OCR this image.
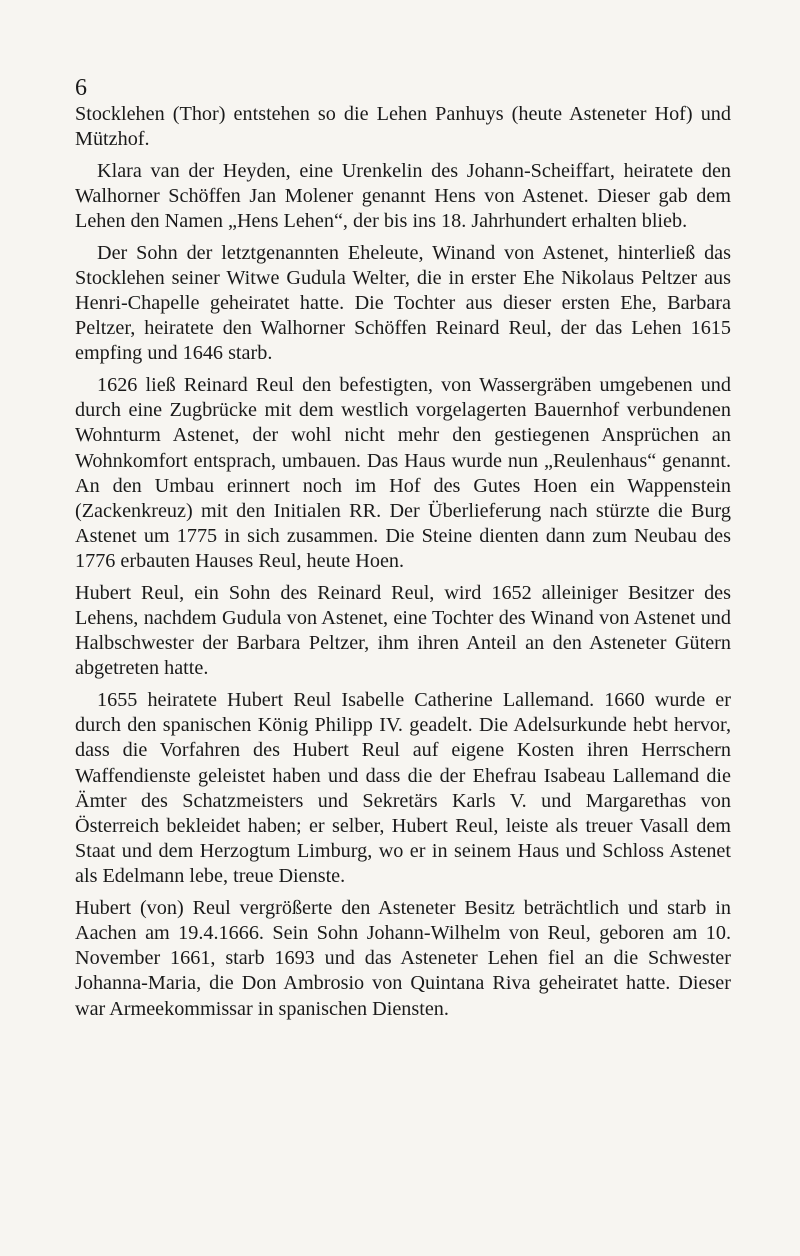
6

Stocklehen (Thor) entstehen so die Lehen Panhuys (heute Asteneter Hof) und Mützhof.

Klara van der Heyden, eine Urenkelin des Johann-Scheiffart, heiratete den Walhorner Schöffen Jan Molener genannt Hens von Astenet. Dieser gab dem Lehen den Namen „Hens Lehen“, der bis ins 18. Jahrhundert erhalten blieb.

Der Sohn der letztgenannten Eheleute, Winand von Astenet, hinterließ das Stocklehen seiner Witwe Gudula Welter, die in erster Ehe Nikolaus Peltzer aus Henri-Chapelle geheiratet hatte. Die Tochter aus dieser ersten Ehe, Barbara Peltzer, heiratete den Walhorner Schöffen Reinard Reul, der das Lehen 1615 empfing und 1646 starb.

1626 ließ Reinard Reul den befestigten, von Wassergräben umgebenen und durch eine Zugbrücke mit dem westlich vorgelagerten Bauernhof verbundenen Wohnturm Astenet, der wohl nicht mehr den gestiegenen Ansprüchen an Wohnkomfort entsprach, umbauen. Das Haus wurde nun „Reulenhaus“ genannt. An den Umbau erinnert noch im Hof des Gutes Hoen ein Wappenstein (Zackenkreuz) mit den Initialen RR. Der Überlieferung nach stürzte die Burg Astenet um 1775 in sich zusammen. Die Steine dienten dann zum Neubau des 1776 erbauten Hauses Reul, heute Hoen.

Hubert Reul, ein Sohn des Reinard Reul, wird 1652 alleiniger Besitzer des Lehens, nachdem Gudula von Astenet, eine Tochter des Winand von Astenet und Halbschwester der Barbara Peltzer, ihm ihren Anteil an den Asteneter Gütern abgetreten hatte.

1655 heiratete Hubert Reul Isabelle Catherine Lallemand. 1660 wurde er durch den spanischen König Philipp IV. geadelt. Die Adelsurkunde hebt hervor, dass die Vorfahren des Hubert Reul auf eigene Kosten ihren Herrschern Waffendienste geleistet haben und dass die der Ehefrau Isabeau Lallemand die Ämter des Schatzmeisters und Sekretärs Karls V. und Margarethas von Österreich bekleidet haben; er selber, Hubert Reul, leiste als treuer Vasall dem Staat und dem Herzogtum Limburg, wo er in seinem Haus und Schloss Astenet als Edelmann lebe, treue Dienste.

Hubert (von) Reul vergrößerte den Asteneter Besitz beträchtlich und starb in Aachen am 19.4.1666. Sein Sohn Johann-Wilhelm von Reul, geboren am 10. November 1661, starb 1693 und das Asteneter Lehen fiel an die Schwester Johanna-Maria, die Don Ambrosio von Quintana Riva geheiratet hatte. Dieser war Armeekommissar in spanischen Diensten.
